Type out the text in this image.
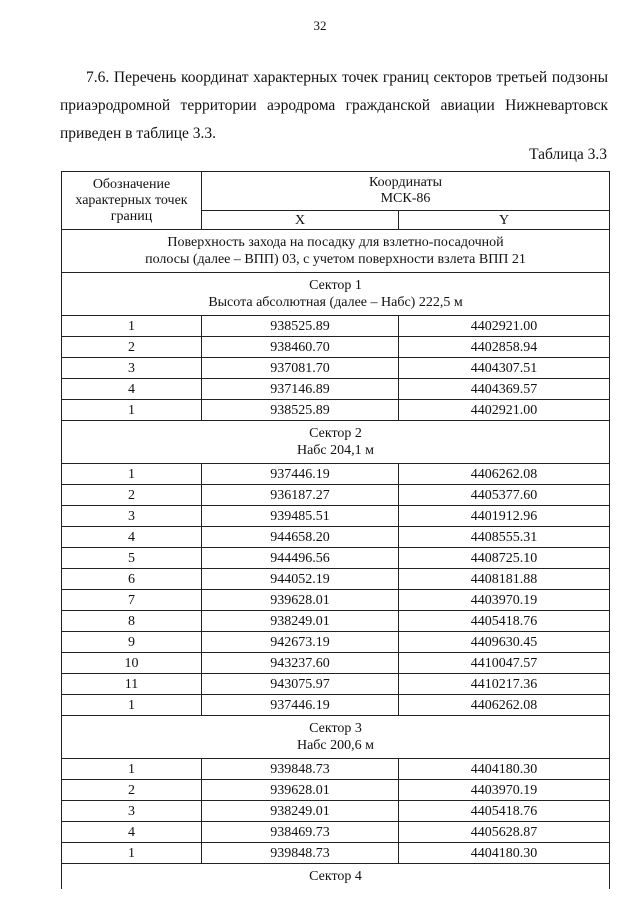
32
7.6. Перечень координат характерных точек границ секторов третьей подзоны
приаэродромной территории аэродрома гражданской авиации Нижневартовск
приведен в таблице 3.3.
Таблица 3.3
Обозначение
характерных точек
границ	Координаты
МСК-86	

	X	Y

Поверхность захода на посадку для взлетно-посадочной
полосы (далее – ВПП) 03, с учетом поверхности взлета ВПП 21		

Сектор 1
Высота абсолютная (далее – Набс) 222,5 м		

1	938525.89	4402921.00
2	938460.70	4402858.94
3	937081.70	4404307.51
4	937146.89	4404369.57
1	938525.89	4402921.00

Сектор 2
Набс 204,1 м		

1	937446.19	4406262.08
2	936187.27	4405377.60
3	939485.51	4401912.96
4	944658.20	4408555.31
5	944496.56	4408725.10
6	944052.19	4408181.88
7	939628.01	4403970.19
8	938249.01	4405418.76
9	942673.19	4409630.45
10	943237.60	4410047.57
11	943075.97	4410217.36
1	937446.19	4406262.08

Сектор 3
Набс 200,6 м		

1	939848.73	4404180.30
2	939628.01	4403970.19
3	938249.01	4405418.76
4	938469.73	4405628.87
1	939848.73	4404180.30

Сектор 4		
